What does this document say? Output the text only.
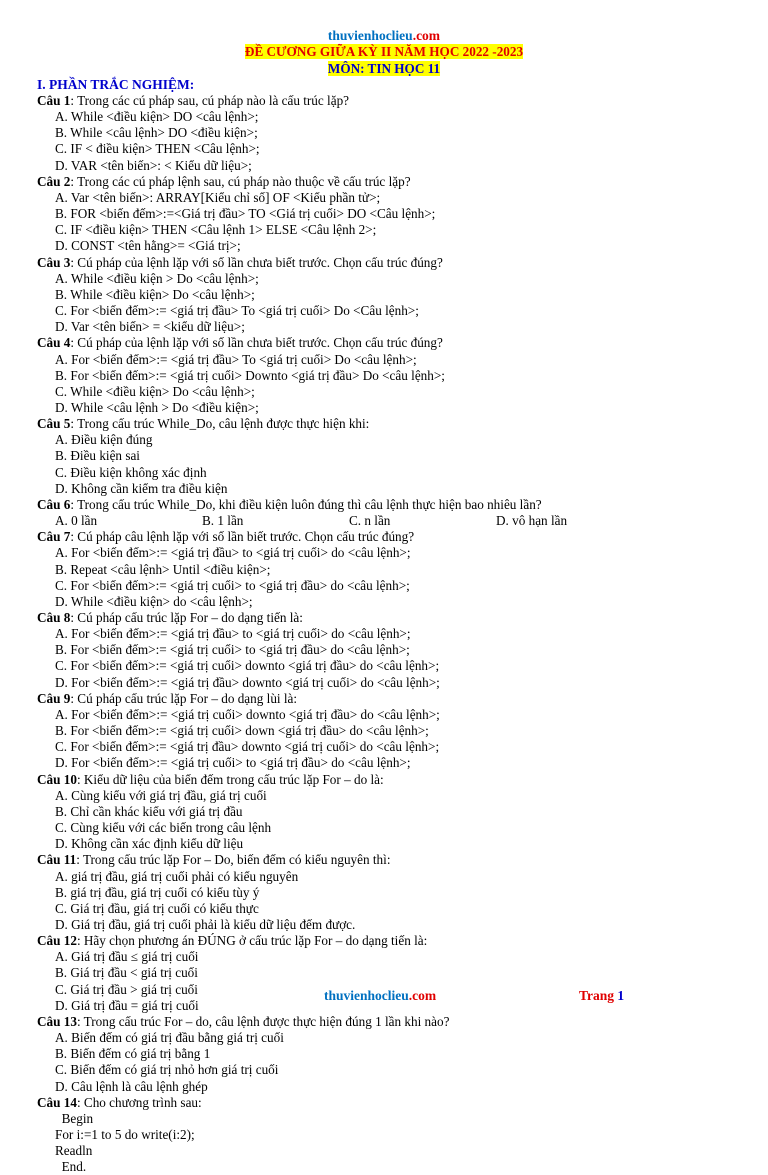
thuvienhoclieu.com
ĐỀ CƯƠNG GIỮA KỲ II NĂM HỌC 2022 -2023
MÔN: TIN HỌC 11
I. PHẦN TRẮC NGHIỆM:
Câu 1: Trong các cú pháp sau, cú pháp nào là cấu trúc lặp?
A. While <điều kiện> DO <câu lệnh>;
B. While <câu lệnh> DO <điều kiện>;
C. IF < điều kiện> THEN <Câu lệnh>;
D. VAR <tên biến>: < Kiểu dữ liệu>;
Câu 2: Trong các cú pháp lệnh sau, cú pháp nào thuộc về cấu trúc lặp?
A. Var <tên biến>: ARRAY[Kiểu chỉ số] OF <Kiểu phần tử>;
B. FOR <biến đếm>:=<Giá trị đầu> TO <Giá trị cuối> DO <Câu lệnh>;
C. IF <điều kiện> THEN <Câu lệnh 1> ELSE <Câu lệnh 2>;
D. CONST <tên hằng>= <Giá trị>;
Câu 3: Cú pháp của lệnh lặp với số lần chưa biết trước. Chọn cấu trúc đúng?
A. While <điều kiện > Do <câu lệnh>;
B. While <điều kiện> Do <câu lệnh>;
C. For <biến đếm>:= <giá trị đầu> To <giá trị cuối> Do <Câu lệnh>;
D. Var <tên biến> = <kiểu dữ liệu>;
Câu 4: Cú pháp của lệnh lặp với số lần chưa biết trước. Chọn cấu trúc đúng?
A. For <biến đếm>:= <giá trị đầu> To <giá trị cuối> Do <câu lệnh>;
B. For <biến đếm>:= <giá trị cuối> Downto <giá trị đầu> Do <câu lệnh>;
C. While <điều kiện> Do <câu lệnh>;
D. While <câu lệnh > Do <điều kiện>;
Câu 5: Trong cấu trúc While_Do, câu lệnh được thực hiện khi:
A. Điều kiện đúng
B. Điều kiện sai
C. Điều kiện không xác định
D. Không cần kiểm tra điều kiện
Câu 6: Trong cấu trúc While_Do, khi điều kiện luôn đúng thì câu lệnh thực hiện bao nhiêu lần?
A. 0 lần	B. 1 lần	C. n lần	D. vô hạn lần
Câu 7: Cú pháp câu lệnh lặp với số lần biết trước. Chọn cấu trúc đúng?
A. For <biến đếm>:= <giá trị đầu> to <giá trị cuối> do <câu lệnh>;
B. Repeat <câu lệnh> Until <điều kiện>;
C. For <biến đếm>:= <giá trị cuối> to <giá trị đầu> do <câu lệnh>;
D. While <điều kiện> do <câu lệnh>;
Câu 8: Cú pháp cấu trúc lặp For – do dạng tiến là:
A. For <biến đếm>:= <giá trị đầu> to <giá trị cuối> do <câu lệnh>;
B. For <biến đếm>:= <giá trị cuối> to <giá trị đầu> do <câu lệnh>;
C. For <biến đếm>:= <giá trị cuối> downto <giá trị đầu> do <câu lệnh>;
D. For <biến đếm>:= <giá trị đầu> downto <giá trị cuối> do <câu lệnh>;
Câu 9: Cú pháp cấu trúc lặp For – do dạng lùi là:
A. For <biến đếm>:= <giá trị cuối> downto <giá trị đầu> do <câu lệnh>;
B. For <biến đếm>:= <giá trị cuối> down <giá trị đầu> do <câu lệnh>;
C. For <biến đếm>:= <giá trị đầu> downto <giá trị cuối> do <câu lệnh>;
D. For <biến đếm>:= <giá trị cuối> to <giá trị đầu> do <câu lệnh>;
Câu 10: Kiểu dữ liệu của biến đếm trong cấu trúc lặp For – do là:
A. Cùng kiểu với giá trị đầu, giá trị cuối
B. Chỉ cần khác kiểu với giá trị đầu
C. Cùng kiểu với các biến trong câu lệnh
D. Không cần xác định kiểu dữ liệu
Câu 11: Trong cấu trúc lặp For – Do, biến đếm có kiểu nguyên thì:
A. giá trị đầu, giá trị cuối phải có kiểu nguyên
B. giá trị đầu, giá trị cuối có kiểu tùy ý
C. Giá trị đầu, giá trị cuối có kiểu thực
D. Giá trị đầu, giá trị cuối phải là kiểu dữ liệu đếm được.
Câu 12: Hãy chọn phương án ĐÚNG ở cấu trúc lặp For – do dạng tiến là:
A. Giá trị đầu ≤ giá trị cuối
B. Giá trị đầu < giá trị cuối
C. Giá trị đầu > giá trị cuối
D. Giá trị đầu = giá trị cuối
Câu 13: Trong cấu trúc For – do, câu lệnh được thực hiện đúng 1 lần khi nào?
A. Biến đếm có giá trị đầu bằng giá trị cuối
B. Biến đếm có giá trị bằng 1
C. Biến đếm có giá trị nhỏ hơn giá trị cuối
D. Câu lệnh là câu lệnh ghép
Câu 14: Cho chương trình sau:
Begin
For i:=1 to 5 do write(i:2);
Readln
End.
thuvienhoclieu.com	Trang 1
